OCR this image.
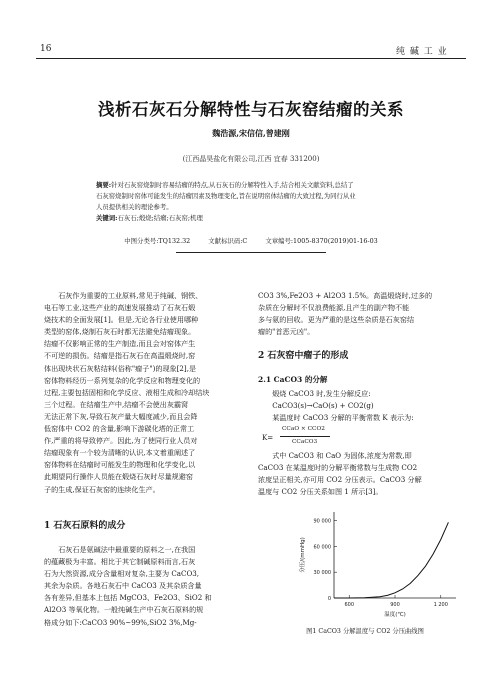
16	纯 碱 工 业
浅析石灰石分解特性与石灰窑结瘤的关系
魏浩源,宋信信,曾建刚
(江西晶昊盐化有限公司,江西 宜春 331200)
摘要:针对石灰窑烧制时容易结瘤的特点,从石灰石的分解特性入手,结合相关文献资料,总结了
石灰窑烧制时窑体可能发生的结瘤因素及物理变化,旨在说明窑体结瘤的大致过程,为同行从业
人员提供相关的理论参考。
关键词:石灰石;煅烧;结瘤;石灰窑;机理
中图分类号:TQ132.32	文献标识码:C	文章编号:1005-8370(2019)01-16-03

石灰作为重要的工业原料,常见于纯碱、钢铁、

电石等工业,这些产业的高速发展推动了石灰石煅
烧技术的全面发展[1]。但是,无论各行业使用哪种
类型的窑体,烧制石灰石时都无法避免结瘤现象。
结瘤不仅影响正常的生产制造,而且会对窑体产生
不可逆的损伤。结瘤是指石灰石在高温煅烧时,窑
体出现块状石灰粘结料(俗称"瘤子")的现象[2],是
窑体物料经历一系列复杂的化学反应和物理变化的
过程,主要包括固相和化学反应、液相生成和冷却结块
三个过程。在结瘤生产中,结瘤不会使出灰霸窝
无法正常下灰,导致石灰产量大幅度减少,而且会降
低窑体中 CO2 的含量,影响下游碳化塔的正常工
作,严重的将导致停产。因此,为了使同行业人员对
结瘤现象有一个较为清晰的认识,本文着重阐述了
窑体物料在结瘤时可能发生的物理和化学变化,以
此期望同行操作人员能在煅烧石灰时尽量规避窑
子的生成,保证石灰窑的连续化生产。
1 石灰石原料的成分

石灰石是氨碱法中最重要的原料之一,在我国

的蕴藏极为丰富。相比于其它制碱原料而言,石灰
石为大然资源,成分含量相对复杂,主要为 CaCO3,
其余为杂质。各地石灰石中 CaCO3 及其杂质含量
各有差异,但基本上包括 MgCO3、Fe2O3、SiO2 和
Al2O3 等氧化物。一般纯碱生产中石灰石原料的规
格成分如下:CaCO3 90%~99%,SiO2 3%,Mg-
CO3 3%,Fe2O3 + Al2O3 1.5%。高温煅烧时,过多的
杂质在分解时不仅浪费能源,且产生的副产物不能
多与氨的回收。更为严重的是这些杂质是石灰窑结
瘤的"首恶元凶"。
2 石灰窑中瘤子的形成
2.1 CaCO3 的分解

煅烧 CaCO3 时,发生分解反应:

CaCO3(s)→CaO(s) + CO2(g)

某温度时 CaCO3 分解的平衡常数 K 表示为:

K=
CCaO × CCO2
CCaCO3

式中 CaCO3 和 CaO 为固体,浓度为常数,即

CaCO3 在某温度时的分解平衡常数与生成物 CO2
浓度呈正相关,亦可用 CO2 分压表示。CaCO3 分解
温度与 CO2 分压关系如图 1 所示[3]。
0
30 000
60 000
90 000
600	900	1 200
温度(℃)
分压/(mmHg)
图1 CaCO3 分解温度与 CO2 分压曲线图
